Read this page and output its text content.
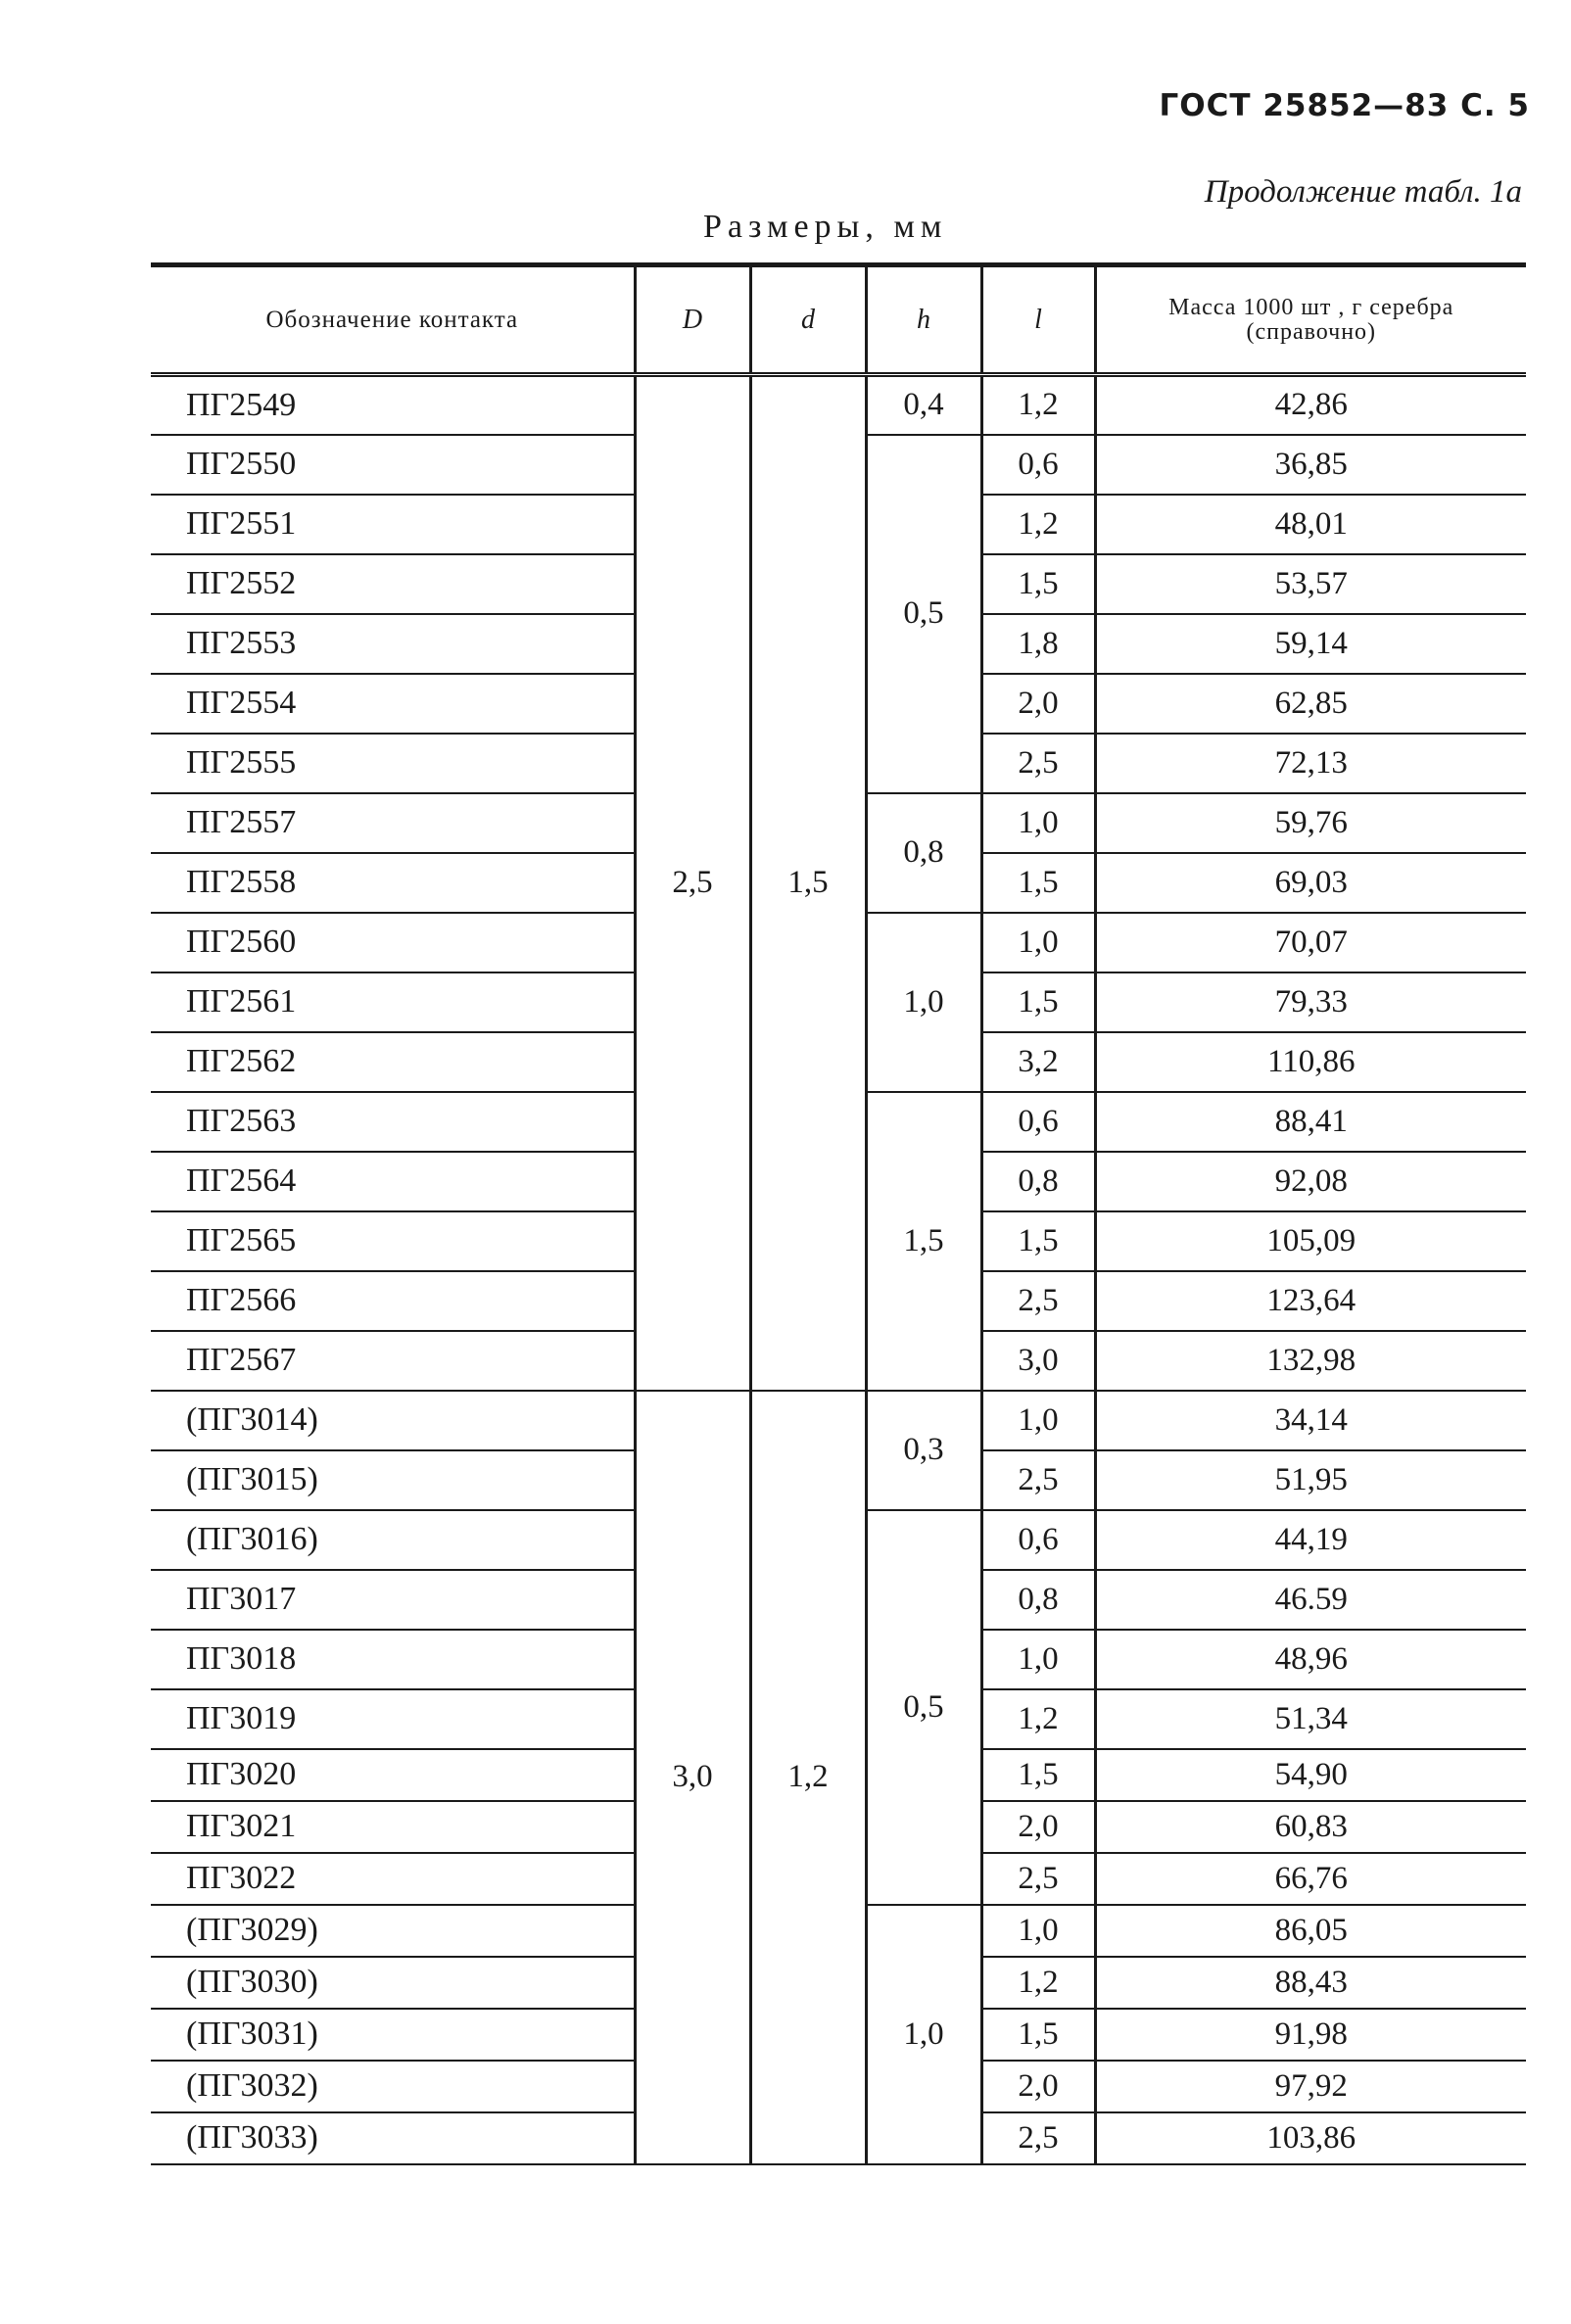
ГОСТ 25852—83 С. 5
Продолжение табл. 1а
Размеры, мм
Обозначение контакта	D	d	h	l	Масса 1000 шт , г серебра
(справочно)

ПГ2549	2,5	1,5	0,4	1,2	42,86
ПГ2550			0,5	0,6	36,85
ПГ2551				1,2	48,01
ПГ2552				1,5	53,57
ПГ2553				1,8	59,14
ПГ2554				2,0	62,85
ПГ2555				2,5	72,13
ПГ2557			0,8	1,0	59,76
ПГ2558				1,5	69,03
ПГ2560			1,0	1,0	70,07
ПГ2561				1,5	79,33
ПГ2562				3,2	110,86
ПГ2563			1,5	0,6	88,41
ПГ2564				0,8	92,08
ПГ2565				1,5	105,09
ПГ2566				2,5	123,64
ПГ2567				3,0	132,98
(ПГ3014)	3,0	1,2	0,3	1,0	34,14
(ПГ3015)				2,5	51,95
(ПГ3016)			0,5	0,6	44,19
ПГ3017				0,8	46.59
ПГ3018				1,0	48,96
ПГ3019				1,2	51,34
ПГ3020				1,5	54,90
ПГ3021				2,0	60,83
ПГ3022				2,5	66,76
(ПГ3029)			1,0	1,0	86,05
(ПГ3030)				1,2	88,43
(ПГ3031)				1,5	91,98
(ПГ3032)				2,0	97,92
(ПГ3033)				2,5	103,86
